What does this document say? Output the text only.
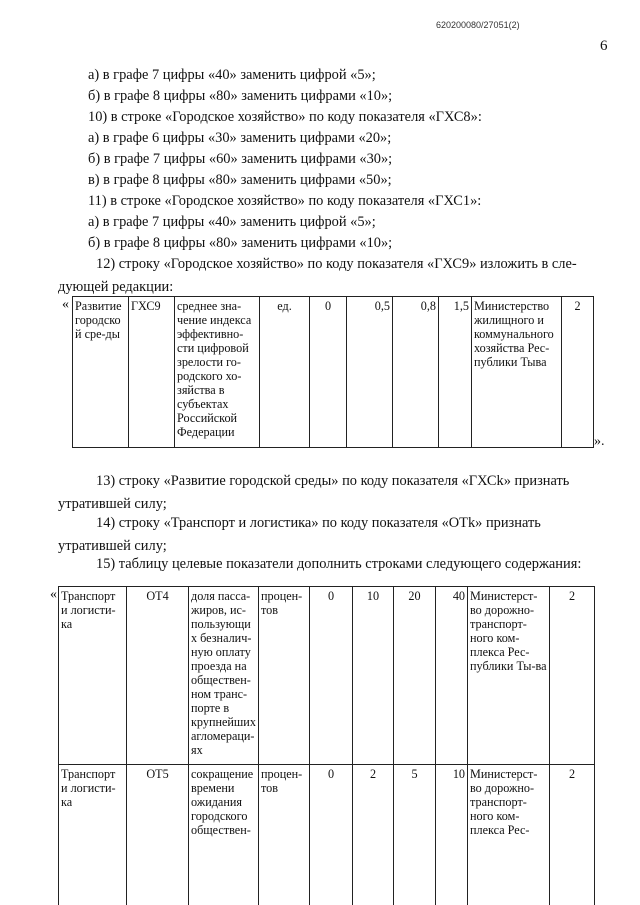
620200080/27051(2)
6
а) в графе 7 цифры «40» заменить цифрой «5»;
б) в графе 8 цифры «80» заменить цифрами «10»;
10) в строке «Городское хозяйство» по коду показателя «ГХС8»:
а) в графе 6 цифры «30» заменить цифрами «20»;
б) в графе 7 цифры «60» заменить цифрами «30»;
в) в графе 8 цифры «80» заменить цифрами «50»;
11) в строке «Городское хозяйство» по коду показателя «ГХС1»:
а) в графе 7 цифры «40» заменить цифрой «5»;
б) в графе 8 цифры «80» заменить цифрами «10»;
12) строку «Городское хозяйство» по коду показателя «ГХС9» изложить в сле-
дующей редакции:
« Развитие городской сре-ды	ГХС9	среднее зна-чение индекса эффективно-сти цифровой зрелости го-родского хо-зяйства в субъектах Российской Федерации	ед.	0	0,5	0,8	1,5	Министерство жилищного и коммунального хозяйства Рес-публики Тыва	2
».
13) строку «Развитие городской среды» по коду показателя «ГХСk» признать
утратившей силу;
14) строку «Транспорт и логистика» по коду показателя «ОТk» признать
утратившей силу;
15) таблицу целевые показатели дополнить строками следующего содержания:
« Транспорт и логисти-ка	ОТ4	доля пасса-жиров, ис-пользующих безналич-ную оплату проезда на обществен-ном транс-порте в крупнейших агломераци-ях	процен-тов	0	10	20	40	Министерст-во дорожно-транспорт-ного ком-плекса Рес-публики Ты-ва	2
Транспорт и логисти-ка	ОТ5	сокращение времени ожидания городского обществен-	процен-тов	0	2	5	10	Министерст-во дорожно-транспорт-ного ком-плекса Рес-	2
